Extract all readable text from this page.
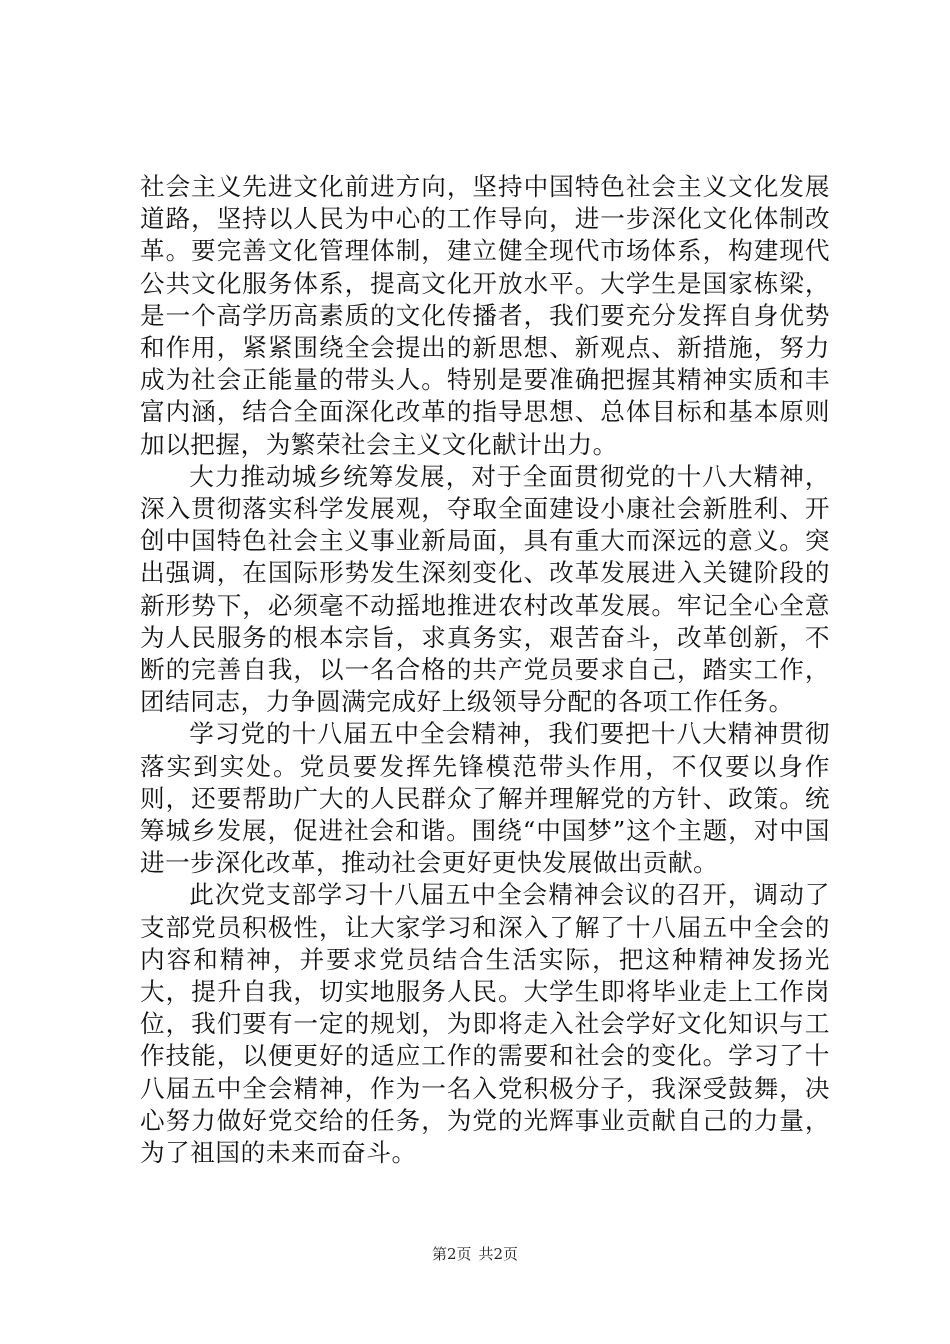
社会主义先进文化前进方向，坚持中国特色社会主义文化发展道路，坚持以人民为中心的工作导向，进一步深化文化体制改革。要完善文化管理体制，建立健全现代市场体系，构建现代公共文化服务体系，提高文化开放水平。大学生是国家栋梁，是一个高学历高素质的文化传播者，我们要充分发挥自身优势和作用，紧紧围绕全会提出的新思想、新观点、新措施，努力成为社会正能量的带头人。特别是要准确把握其精神实质和丰富内涵，结合全面深化改革的指导思想、总体目标和基本原则加以把握，为繁荣社会主义文化献计出力。

大力推动城乡统筹发展，对于全面贯彻党的十八大精神，深入贯彻落实科学发展观，夺取全面建设小康社会新胜利、开创中国特色社会主义事业新局面，具有重大而深远的意义。突出强调，在国际形势发生深刻变化、改革发展进入关键阶段的新形势下，必须毫不动摇地推进农村改革发展。牢记全心全意为人民服务的根本宗旨，求真务实，艰苦奋斗，改革创新，不断的完善自我，以一名合格的共产党员要求自己，踏实工作，团结同志，力争圆满完成好上级领导分配的各项工作任务。

学习党的十八届五中全会精神，我们要把十八大精神贯彻落实到实处。党员要发挥先锋模范带头作用，不仅要以身作则，还要帮助广大的人民群众了解并理解党的方针、政策。统筹城乡发展，促进社会和谐。围绕“中国梦”这个主题，对中国进一步深化改革，推动社会更好更快发展做出贡献。

此次党支部学习十八届五中全会精神会议的召开，调动了支部党员积极性，让大家学习和深入了解了十八届五中全会的内容和精神，并要求党员结合生活实际，把这种精神发扬光大，提升自我，切实地服务人民。大学生即将毕业走上工作岗位，我们要有一定的规划，为即将走入社会学好文化知识与工作技能，以便更好的适应工作的需要和社会的变化。学习了十八届五中全会精神，作为一名入党积极分子，我深受鼓舞，决心努力做好党交给的任务，为党的光辉事业贡献自己的力量，为了祖国的未来而奋斗。

第2页 共2页
